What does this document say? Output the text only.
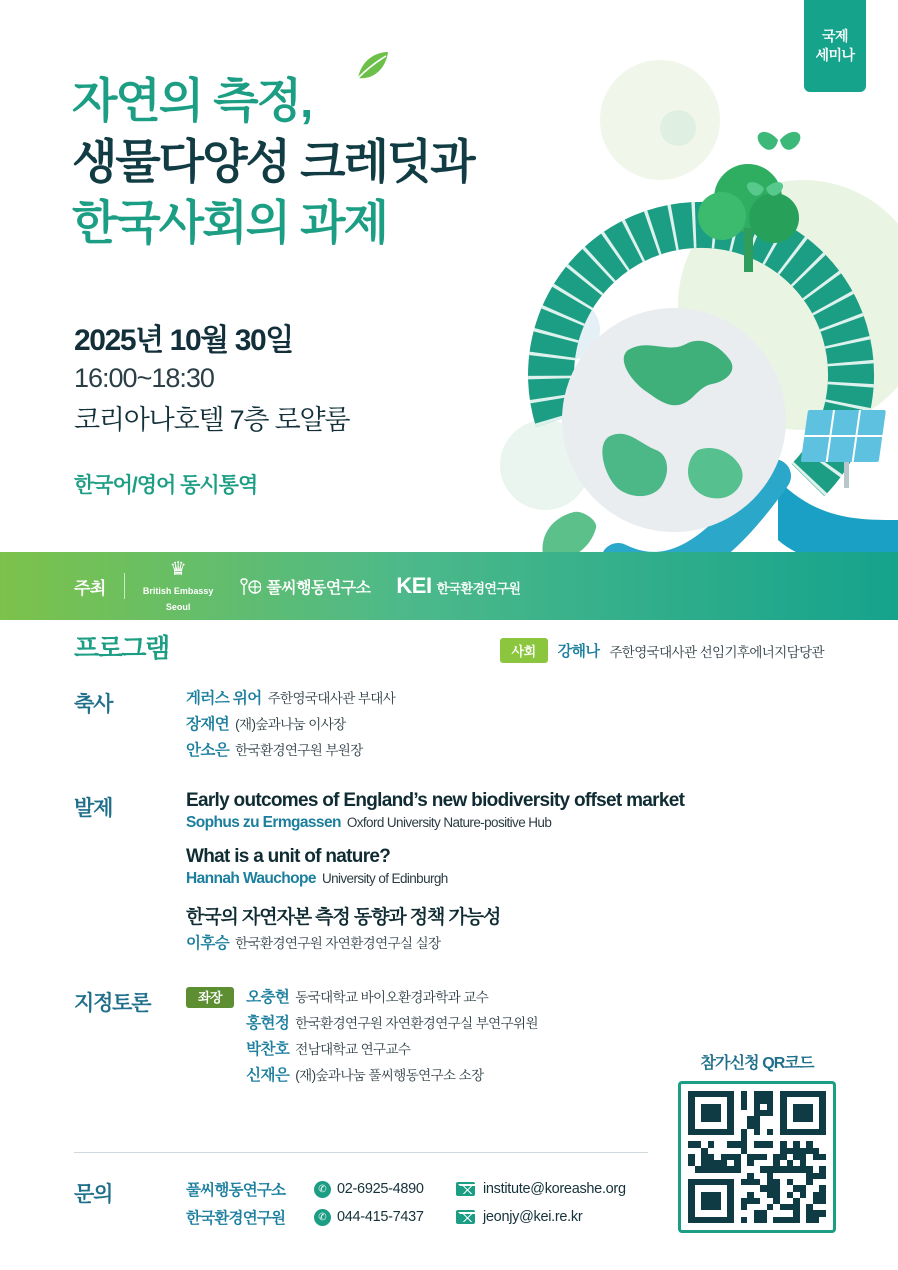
국제
세미나
자연의 측정,
생물다양성 크레딧과
한국사회의 과제
2025년 10월 30일
16:00~18:30
코리아나호텔 7층 로얄룸
한국어/영어 동시통역
주최
♛
British Embassy
Seoul
풀씨행동연구소 KEI 한국환경연구원
프로그램	사회	강해나 주한영국대사관 선임기후에너지담당관
축사	게러스 위어 주한영국대사관 부대사
장재연 (재)숲과나눔 이사장
안소은 한국환경연구원 부원장
발제	Early outcomes of England’s new biodiversity offset market
Sophus zu Ermgassen Oxford University Nature-positive Hub
What is a unit of nature?
Hannah Wauchope University of Edinburgh
한국의 자연자본 측정 동향과 정책 가능성
이후승 한국환경연구원 자연환경연구실 실장
지정토론	좌장	오충현 동국대학교 바이오환경과학과 교수
홍현정 한국환경연구원 자연환경연구실 부연구위원
박찬호 전남대학교 연구교수
신재은 (재)숲과나눔 풀씨행동연구소 소장
문의	풀씨행동연구소	✆ 02-6925-4890	institute@koreashe.org
한국환경연구원	✆ 044-415-7437	jeonjy@kei.re.kr
참가신청 QR코드
